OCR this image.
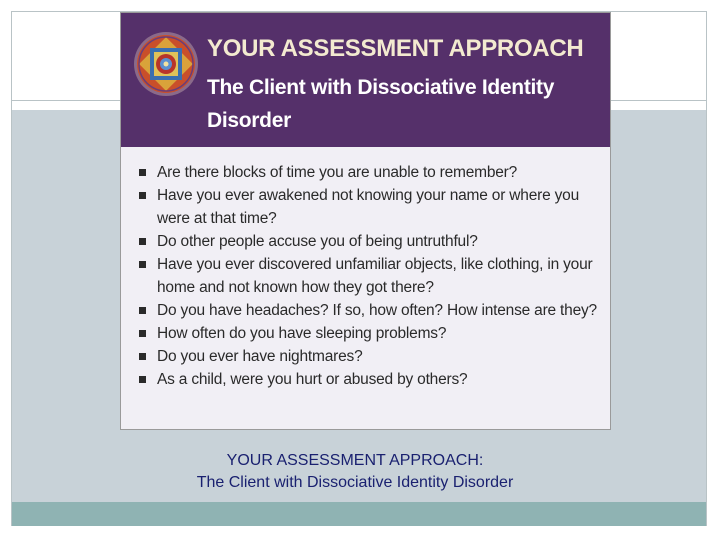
YOUR ASSESSMENT APPROACH
The Client with Dissociative Identity Disorder
Are there blocks of time you are unable to remember?
Have you ever awakened not knowing your name or where you were at that time?
Do other people accuse you of being untruthful?
Have you ever discovered unfamiliar objects, like clothing, in your home and not known how they got there?
Do you have headaches? If so, how often? How intense are they?
How often do you have sleeping problems?
Do you ever have nightmares?
As a child, were you hurt or abused by others?
YOUR ASSESSMENT APPROACH:
The Client with Dissociative Identity Disorder
